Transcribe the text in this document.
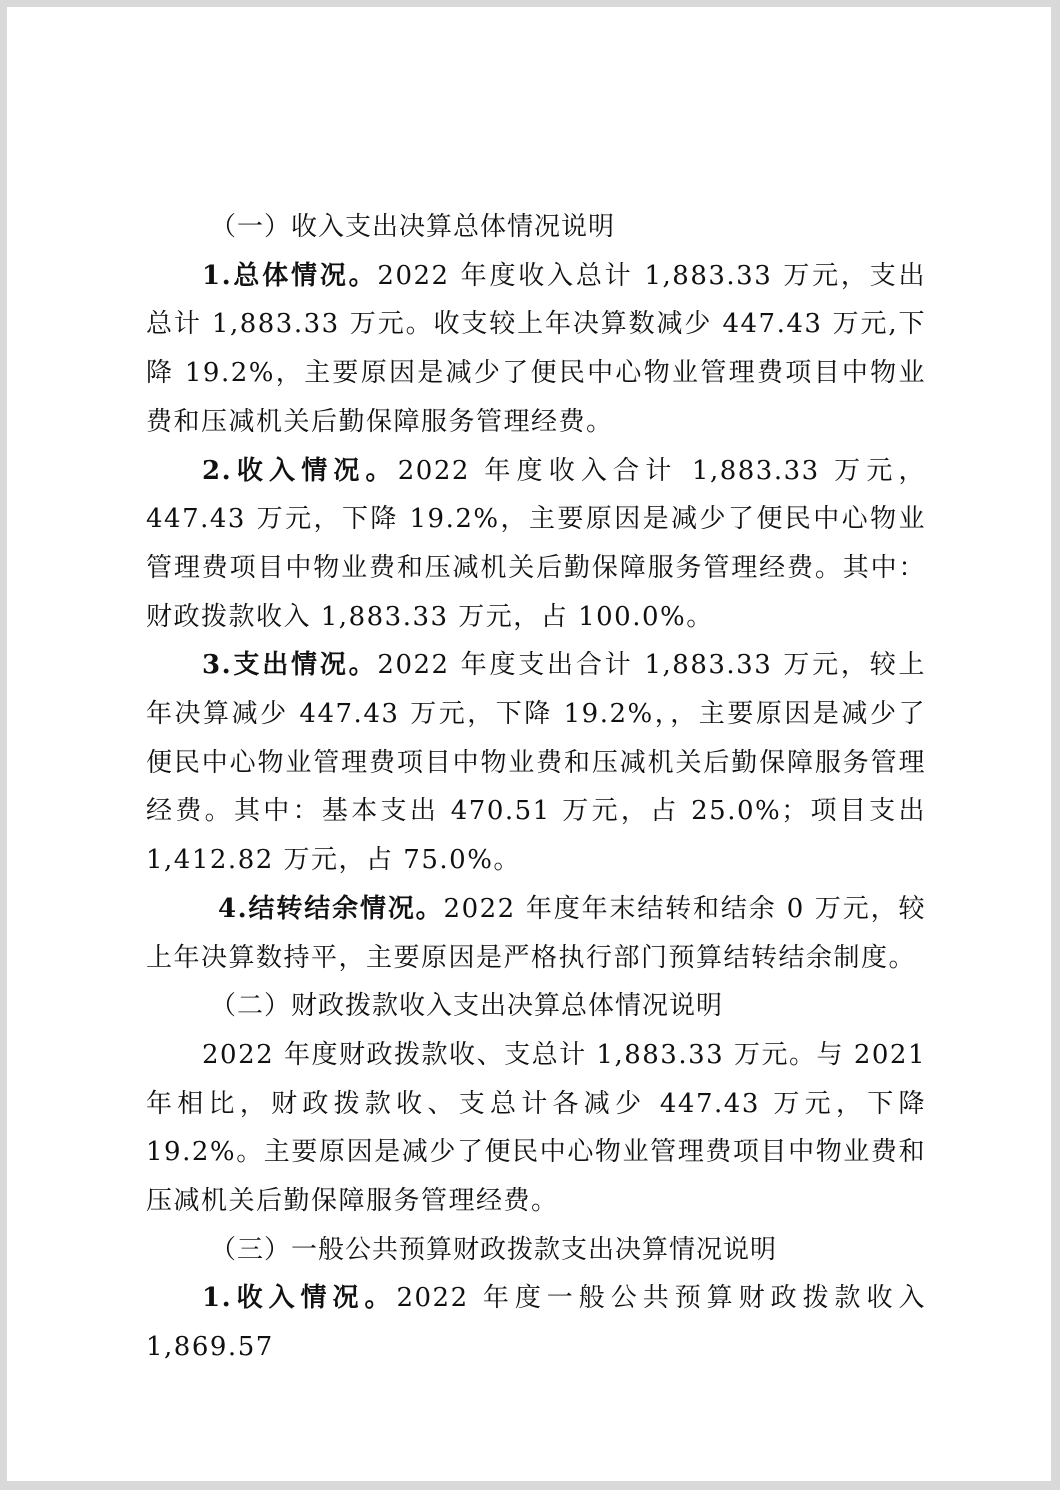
（一）收入支出决算总体情况说明

1.总体情况。2022 年度收入总计 1,883.33 万元，支出总计 1,883.33 万元。收支较上年决算数减少 447.43 万元,下降 19.2%，主要原因是减少了便民中心物业管理费项目中物业费和压减机关后勤保障服务管理经费。

2.收入情况。2022 年度收入合计 1,883.33 万元，447.43 万元，下降 19.2%，主要原因是减少了便民中心物业管理费项目中物业费和压减机关后勤保障服务管理经费。其中：财政拨款收入 1,883.33 万元，占 100.0%。

3.支出情况。2022 年度支出合计 1,883.33 万元，较上年决算减少 447.43 万元，下降 19.2%，，主要原因是减少了便民中心物业管理费项目中物业费和压减机关后勤保障服务管理经费。其中：基本支出 470.51 万元，占 25.0%；项目支出 1,412.82 万元，占 75.0%。

4.结转结余情况。2022 年度年末结转和结余 0 万元，较上年决算数持平，主要原因是严格执行部门预算结转结余制度。

（二）财政拨款收入支出决算总体情况说明

2022 年度财政拨款收、支总计 1,883.33 万元。与 2021 年相比，财政拨款收、支总计各减少 447.43 万元，下降 19.2%。主要原因是减少了便民中心物业管理费项目中物业费和压减机关后勤保障服务管理经费。

（三）一般公共预算财政拨款支出决算情况说明

1.收入情况。2022 年度一般公共预算财政拨款收入 1,869.57
